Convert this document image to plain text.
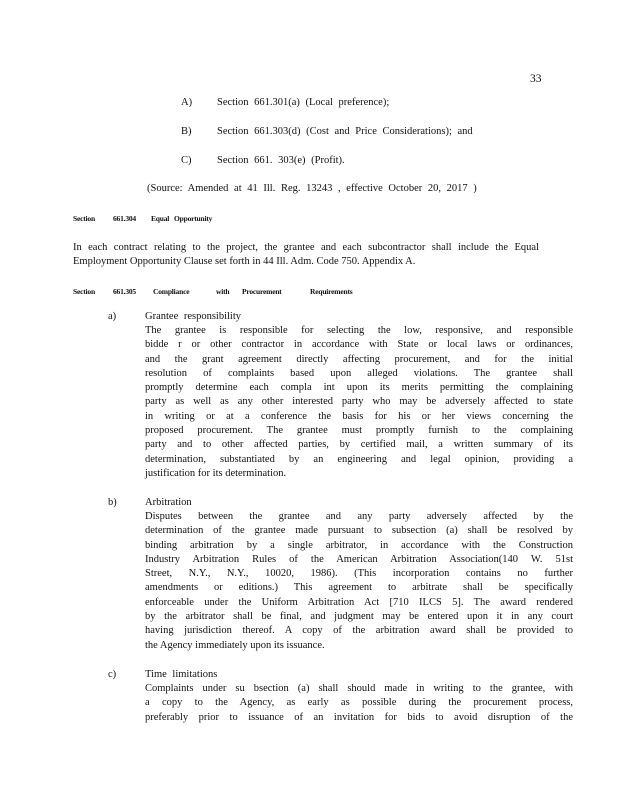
33
A) Section 661.301(a) (Local preference);
B) Section 661.303(d) (Cost and Price Considerations); and
C) Section 661. 303(e) (Profit).
(Source: Amended at 41 Ill. Reg. 13243 , effective October 20, 2017 )
Section 661.304 Equal Opportunity
In each contract relating to the project, the grantee and each subcontractor shall include the Equal
Employment Opportunity Clause set forth in 44 Ill. Adm. Code 750. Appendix A.
Section 661.305 Compliance	with Procurement	Requirements
a)	Grantee responsibility
The grantee is responsible for selecting the low, responsive, and responsible
bidde r or other contractor in accordance with State or local laws or ordinances,
and the grant agreement directly affecting procurement, and for the initial
resolution of complaints based upon alleged violations. The grantee shall
promptly determine each compla int upon its merits permitting the complaining
party as well as any other interested party who may be adversely affected to state
in writing or at a conference the basis for his or her views concerning the
proposed procurement. The grantee must promptly furnish to the complaining
party and to other affected parties, by certified mail, a written summary of its
determination, substantiated by an engineering and legal opinion, providing a
justification for its determination.
b)	Arbitration
Disputes between the grantee and any party adversely affected by the
determination of the grantee made pursuant to subsection (a) shall be resolved by
binding arbitration by a single arbitrator, in accordance with the Construction
Industry Arbitration Rules of the American Arbitration Association(140 W. 51st
Street, N.Y., N.Y., 10020, 1986). (This incorporation contains no further
amendments or editions.) This agreement to arbitrate shall be specifically
enforceable under the Uniform Arbitration Act [710 ILCS 5]. The award rendered
by the arbitrator shall be final, and judgment may be entered upon it in any court
having jurisdiction thereof. A copy of the arbitration award shall be provided to
the Agency immediately upon its issuance.
c)	Time limitations
Complaints under su bsection (a) shall should made in writing to the grantee, with
a copy to the Agency, as early as possible during the procurement process,
preferably prior to issuance of an invitation for bids to avoid disruption of the
